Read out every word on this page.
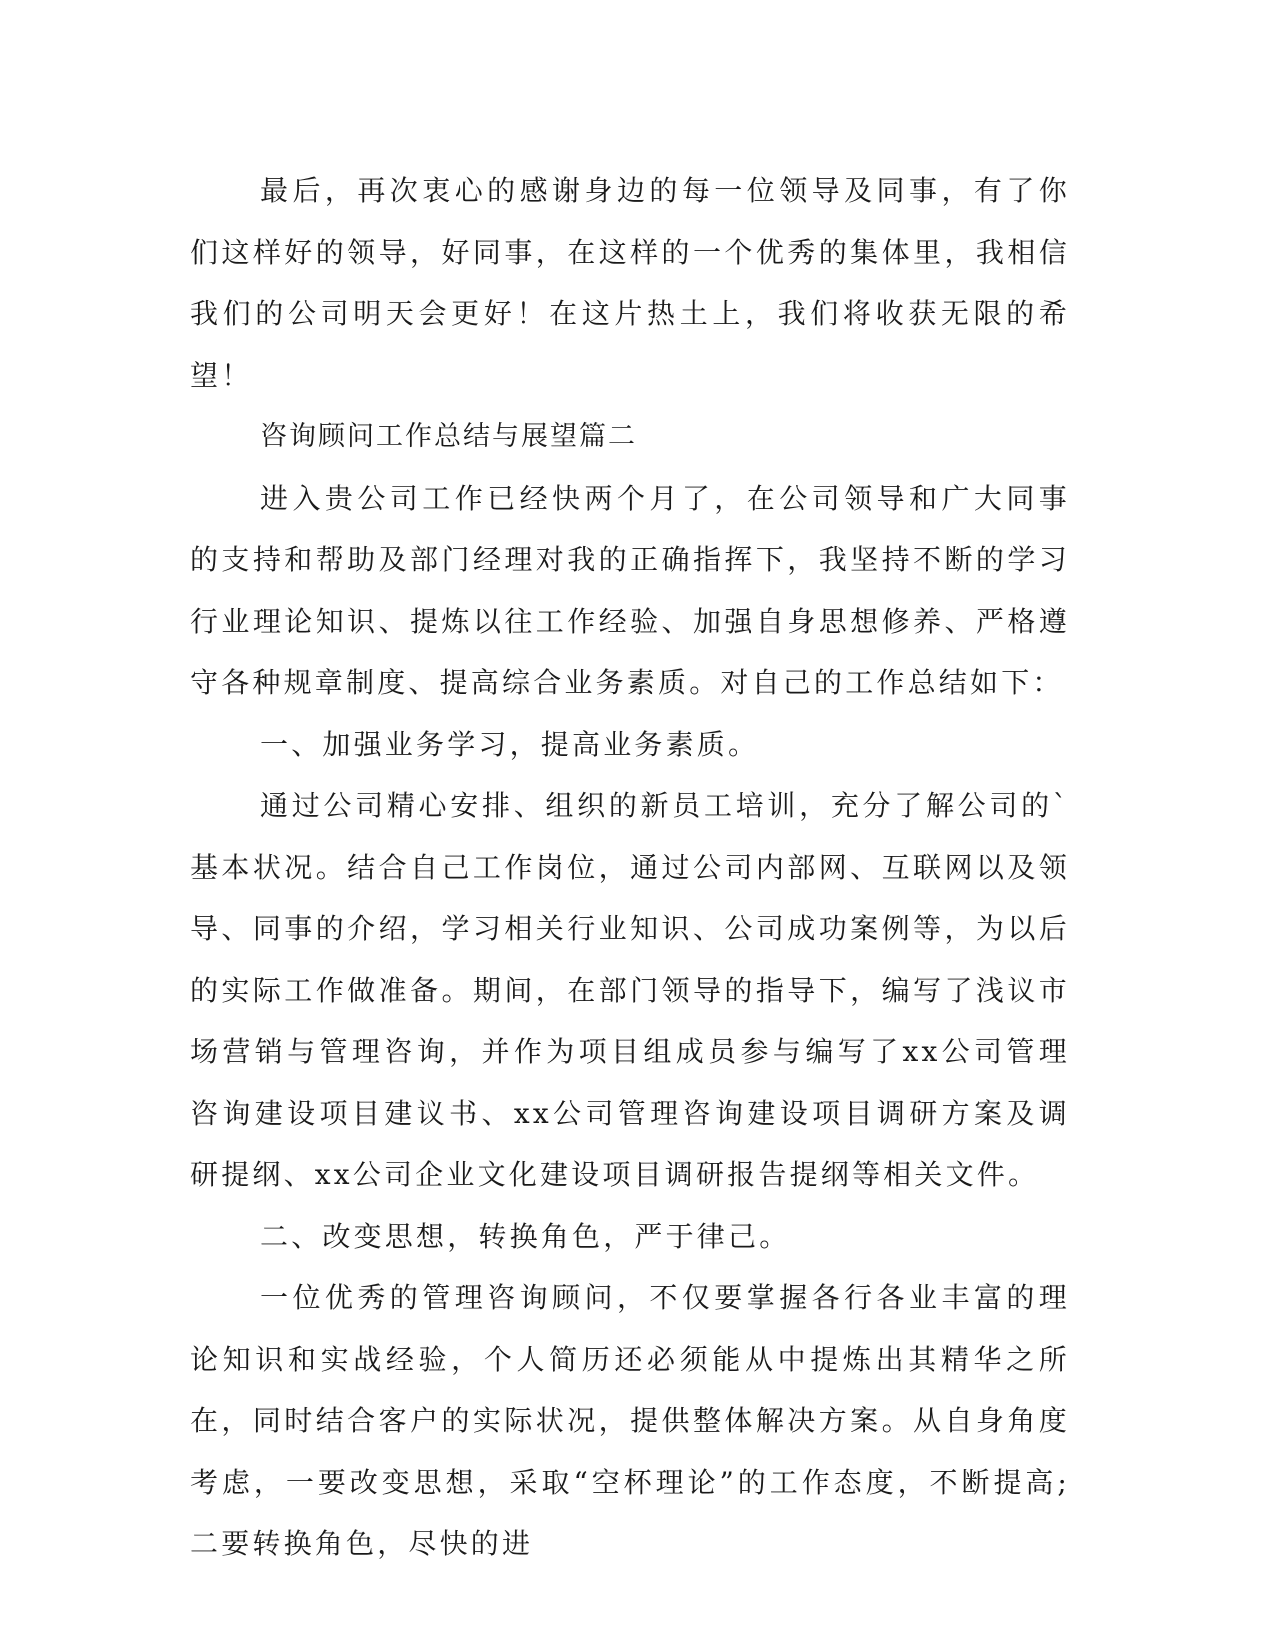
最后，再次衷心的感谢身边的每一位领导及同事，有了你们这样好的领导，好同事，在这样的一个优秀的集体里，我相信我们的公司明天会更好！在这片热土上，我们将收获无限的希望！

咨询顾问工作总结与展望篇二

进入贵公司工作已经快两个月了，在公司领导和广大同事的支持和帮助及部门经理对我的正确指挥下，我坚持不断的学习行业理论知识、提炼以往工作经验、加强自身思想修养、严格遵守各种规章制度、提高综合业务素质。对自己的工作总结如下：

一、加强业务学习，提高业务素质。

通过公司精心安排、组织的新员工培训，充分了解公司的`基本状况。结合自己工作岗位，通过公司内部网、互联网以及领导、同事的介绍，学习相关行业知识、公司成功案例等，为以后的实际工作做准备。期间，在部门领导的指导下，编写了浅议市场营销与管理咨询，并作为项目组成员参与编写了xx公司管理咨询建设项目建议书、xx公司管理咨询建设项目调研方案及调研提纲、xx公司企业文化建设项目调研报告提纲等相关文件。

二、改变思想，转换角色，严于律己。

一位优秀的管理咨询顾问，不仅要掌握各行各业丰富的理论知识和实战经验，个人简历还必须能从中提炼出其精华之所在，同时结合客户的实际状况，提供整体解决方案。从自身角度考虑，一要改变思想，采取“空杯理论”的工作态度，不断提高;二要转换角色，尽快的进
